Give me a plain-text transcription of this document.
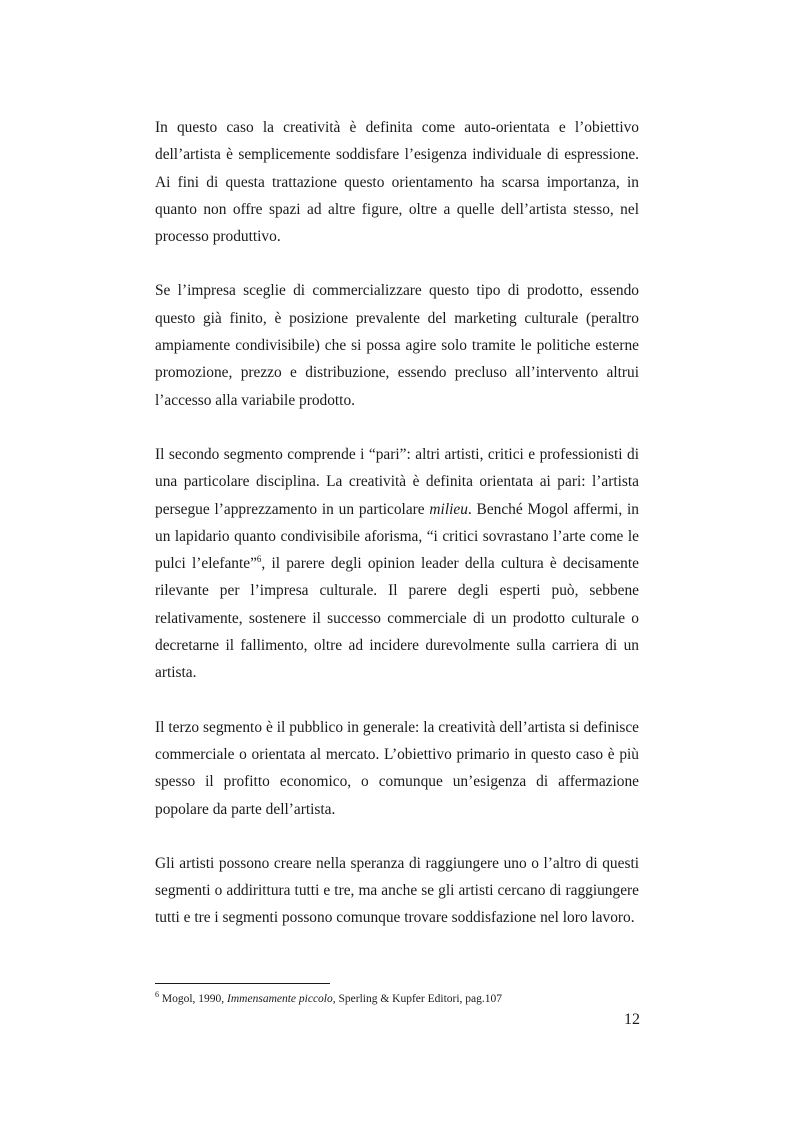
In questo caso la creatività è definita come auto-orientata e l’obiettivo dell’artista è semplicemente soddisfare l’esigenza individuale di espressione. Ai fini di questa trattazione questo orientamento ha scarsa importanza, in quanto non offre spazi ad altre figure, oltre a quelle dell’artista stesso, nel processo produttivo.

Se l’impresa sceglie di commercializzare questo tipo di prodotto, essendo questo già finito, è posizione prevalente del marketing culturale (peraltro ampiamente condivisibile) che si possa agire solo tramite le politiche esterne promozione, prezzo e distribuzione, essendo precluso all’intervento altrui l’accesso alla variabile prodotto.

Il secondo segmento comprende i “pari”: altri artisti, critici e professionisti di una particolare disciplina. La creatività è definita orientata ai pari: l’artista persegue l’apprezzamento in un particolare milieu. Benché Mogol affermi, in un lapidario quanto condivisibile aforisma, “i critici sovrastano l’arte come le pulci l’elefante”$^6$, il parere degli opinion leader della cultura è decisamente rilevante per l’impresa culturale. Il parere degli esperti può, sebbene relativamente, sostenere il successo commerciale di un prodotto culturale o decretarne il fallimento, oltre ad incidere durevolmente sulla carriera di un artista.

Il terzo segmento è il pubblico in generale: la creatività dell’artista si definisce commerciale o orientata al mercato. L’obiettivo primario in questo caso è più spesso il profitto economico, o comunque un’esigenza di affermazione popolare da parte dell’artista.

Gli artisti possono creare nella speranza di raggiungere uno o l’altro di questi segmenti o addirittura tutti e tre, ma anche se gli artisti cercano di raggiungere tutti e tre i segmenti possono comunque trovare soddisfazione nel loro lavoro.

$^6$ Mogol, 1990, Immensamente piccolo, Sperling & Kupfer Editori, pag.107
12
